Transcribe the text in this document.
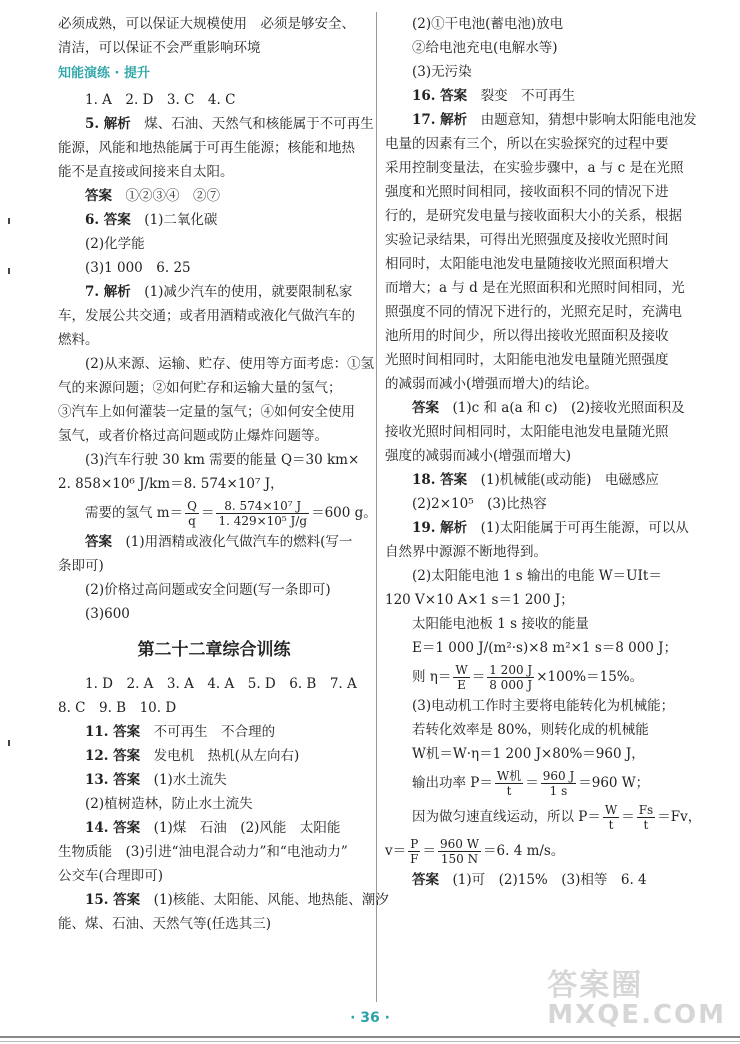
必须成熟，可以保证大规模使用　必须是够安全、

清洁，可以保证不会严重影响环境

知能演练 · 提升

1. A　2. D　3. C　4. C

5. 解析　煤、石油、天然气和核能属于不可再生

能源，风能和地热能属于可再生能源；核能和地热

能不是直接或间接来自太阳。

答案　①②③④　②⑦

6. 答案　(1)二氧化碳

(2)化学能

(3)1 000　6. 25

7. 解析　(1)减少汽车的使用，就要限制私家

车，发展公共交通；或者用酒精或液化气做汽车的

燃料。

(2)从来源、运输、贮存、使用等方面考虑：①氢

气的来源问题；②如何贮存和运输大量的氢气；

③汽车上如何灌装一定量的氢气；④如何安全使用

氢气，或者价格过高问题或防止爆炸问题等。

(3)汽车行驶 30 km 需要的能量 Q＝30 km×

2. 858×10⁶ J/km＝8. 574×10⁷ J，

需要的氢气 $m= \frac{Q}{q} = \frac{\text{8. 574×10⁷ J}}{\text{1. 429×10⁵ J/g}} =600$ g。

答案　(1)用酒精或液化气做汽车的燃料(写一

条即可)

(2)价格过高问题或安全问题(写一条即可)

(3)600

第二十二章综合训练

1. D　2. A　3. A　4. A　5. D　6. B　7. A

8. C　9. B　10. D

11. 答案　不可再生　不合理的

12. 答案　发电机　热机(从左向右)

13. 答案　(1)水土流失

(2)植树造林，防止水土流失

14. 答案　(1)煤　石油　(2)风能　太阳能

生物质能　(3)引进“油电混合动力”和“电池动力”

公交车(合理即可)

15. 答案　(1)核能、太阳能、风能、地热能、潮汐

能、煤、石油、天然气等(任选其三)

(2)①干电池(蓄电池)放电

②给电池充电(电解水等)

(3)无污染

16. 答案　裂变　不可再生

17. 解析　由题意知，猜想中影响太阳能电池发

电量的因素有三个，所以在实验探究的过程中要

采用控制变量法，在实验步骤中，a 与 c 是在光照

强度和光照时间相同，接收面积不同的情况下进

行的，是研究发电量与接收面积大小的关系，根据

实验记录结果，可得出光照强度及接收光照时间

相同时，太阳能电池发电量随接收光照面积增大

而增大；a 与 d 是在光照面积和光照时间相同，光

照强度不同的情况下进行的，光照充足时，充满电

池所用的时间少，所以得出接收光照面积及接收

光照时间相同时，太阳能电池发电量随光照强度

的减弱而减小(增强而增大)的结论。

答案　(1)c 和 a(a 和 c)　(2)接收光照面积及

接收光照时间相同时，太阳能电池发电量随光照

强度的减弱而减小(增强而增大)

18. 答案　(1)机械能(或动能)　电磁感应

(2)2×10⁵　(3)比热容

19. 解析　(1)太阳能属于可再生能源，可以从

自然界中源源不断地得到。

(2)太阳能电池 1 s 输出的电能 W＝UIt＝

120 V×10 A×1 s＝1 200 J；

太阳能电池板 1 s 接收的能量

E＝1 000 J/(m²·s)×8 m²×1 s＝8 000 J；

则 $\eta= \frac{W}{E} = \frac{1 200 J}{8 000 J} \times 100\%=15\%$。

(3)电动机工作时主要将电能转化为机械能；

若转化效率是 80%，则转化成的机械能

W机＝W·η＝1 200 J×80%＝960 J，

输出功率 $P= \frac{\text{W机}}{t} = \frac{960 J}{1 s} =960$ W；

因为做匀速直线运动，所以 $P= \frac{W}{t} = \frac{Fs}{t} =Fv$，

$v= \frac{P}{F} = \frac{960 W}{150 N} =6$. 4 m/s。

答案　(1)可　(2)15%　(3)相等　6. 4

· 36 ·
答案圈
MXQE.COM
